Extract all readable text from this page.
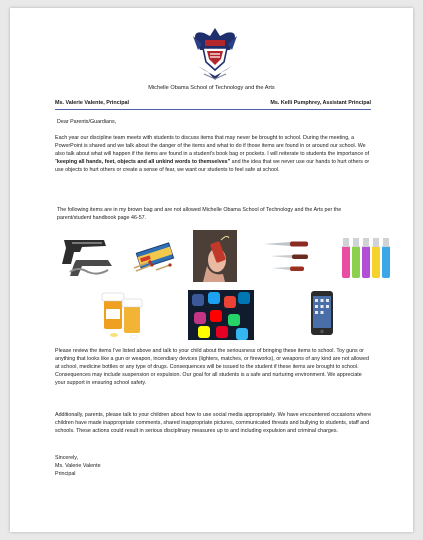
Michelle Obama School of Technology and the Arts
Ms. Valerie Valente, Principal	Ms. Kelli Pumphrey, Assistant Principal
Dear Parents/Guardians,
Each year our discipline team meets with students to discuss items that may never be brought to school. During the meeting, a PowerPoint is shared and we talk about the danger of the items and what to do if those items are found in or around our school. We also talk about what will happen if the items are found in a student's book bag or pockets. I will reiterate to students the importance of "keeping all hands, feet, objects and all unkind words to themselves" and the idea that we never use our hands to hurt others or use objects to hurt others or create a sense of fear, we want our students to feel safe at school.
The following items are in my brown bag and are not allowed Michelle Obama School of Technology and the Arts per the parent/student handbook page 46-57.
Please review the items I've listed above and talk to your child about the seriousness of bringing these items to school. Toy guns or anything that looks like a gun or weapon, incendiary devices (lighters, matches, or fireworks), or weapons of any kind are not allowed at school, medicine bottles or any type of drugs. Consequences will be issued to the student if these items are brought to school. Consequences may include suspension or expulsion. Our goal for all students is a safe and nurturing environment. We appreciate your support in ensuring school safety.
Additionally, parents, please talk to your children about how to use social media appropriately. We have encountered occasions where children have made inappropriate comments, shared inappropriate pictures, communicated threats and bullying to students, staff and schools. These actions could result in serious disciplinary measures up to and including expulsion and criminal charges.
Sincerely,
Ms. Valerie Valente
Principal
